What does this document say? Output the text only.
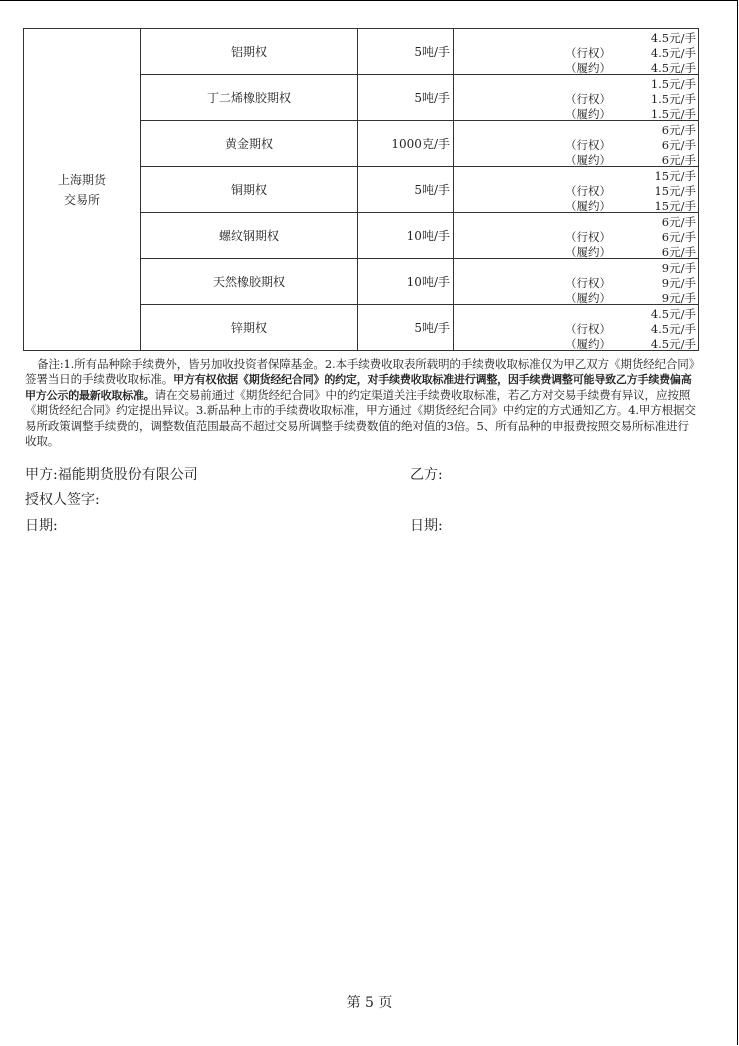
上海期货
交易所	铝期权	5吨/手	4.5元/手
（行权） 4.5元/手
（履约） 4.5元/手

	丁二烯橡胶期权	5吨/手	1.5元/手
（行权） 1.5元/手
（履约） 1.5元/手

	黄金期权	1000克/手	6元/手
（行权） 6元/手
（履约） 6元/手

	铜期权	5吨/手	15元/手
（行权） 15元/手
（履约） 15元/手

	螺纹钢期权	10吨/手	6元/手
（行权） 6元/手
（履约） 6元/手

	天然橡胶期权	10吨/手	9元/手
（行权） 9元/手
（履约） 9元/手

	锌期权	5吨/手	4.5元/手
（行权） 4.5元/手
（履约） 4.5元/手
备注:1.所有品种除手续费外，皆另加收投资者保障基金。2.本手续费收取表所载明的手续费收取标准仅为甲乙双方《期货经纪合同》签署当日的手续费收取标准。甲方有权依据《期货经纪合同》的约定，对手续费收取标准进行调整，因手续费调整可能导致乙方手续费偏高甲方公示的最新收取标准。请在交易前通过《期货经纪合同》中的约定渠道关注手续费收取标准，若乙方对交易手续费有异议，应按照《期货经纪合同》约定提出异议。3.新品种上市的手续费收取标准，甲方通过《期货经纪合同》中约定的方式通知乙方。4.甲方根据交易所政策调整手续费的，调整数值范围最高不超过交易所调整手续费数值的绝对值的3倍。5、所有品种的申报费按照交易所标准进行收取。
甲方:福能期货股份有限公司	乙方:
授权人签字:
日期:	日期:
第 5 页
